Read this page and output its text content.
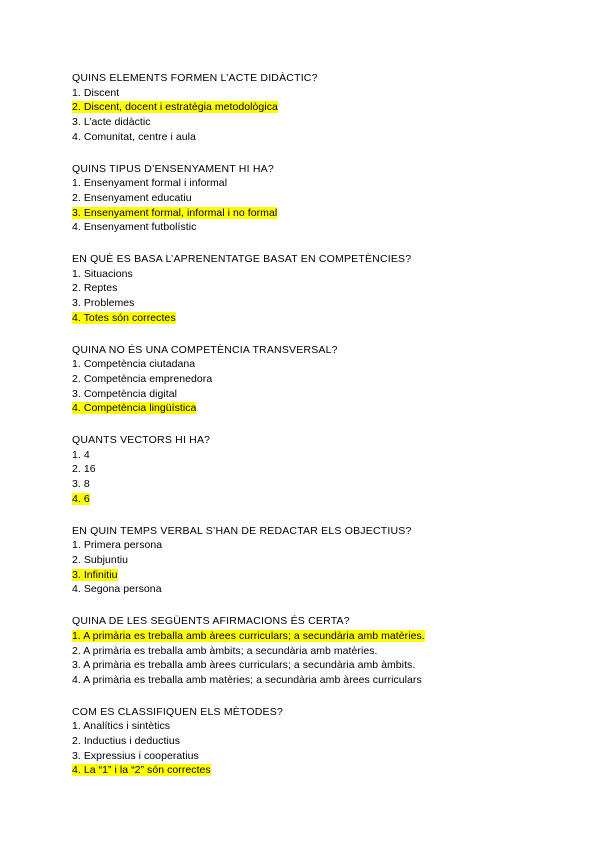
QUINS ELEMENTS FORMEN L’ACTE DIDÀCTIC?
1. Discent
2. Discent, docent i estratègia metodològica
3. L’acte didàctic
4. Comunitat, centre i aula
QUINS TIPUS D’ENSENYAMENT HI HA?
1. Ensenyament formal i informal
2. Ensenyament educatiu
3. Ensenyament formal, informal i no formal
4. Ensenyament futbolístic
EN QUÈ ES BASA L’APRENENTATGE BASAT EN COMPETÈNCIES?
1. Situacions
2. Reptes
3. Problemes
4. Totes són correctes
QUINA NO ÉS UNA COMPETÈNCIA TRANSVERSAL?
1. Competència ciutadana
2. Competència emprenedora
3. Competència digital
4. Competència lingüística
QUANTS VECTORS HI HA?
1. 4
2. 16
3. 8
4. 6
EN QUIN TEMPS VERBAL S’HAN DE REDACTAR ELS OBJECTIUS?
1. Primera persona
2. Subjuntiu
3. Infinitiu
4. Segona persona
QUINA DE LES SEGÜENTS AFIRMACIONS ÉS CERTA?
1. A primària es treballa amb àrees curriculars; a secundària amb matèries.
2. A primària es treballa amb àmbits; a secundària amb matèries.
3. A primària es treballa amb àrees curriculars; a secundària amb àmbits.
4. A primària es treballa amb matèries; a secundària amb àrees curriculars
COM ES CLASSIFIQUEN ELS MÈTODES?
1. Analítics i sintètics
2. Inductius i deductius
3. Expressius i cooperatius
4. La “1” i la “2” són correctes
